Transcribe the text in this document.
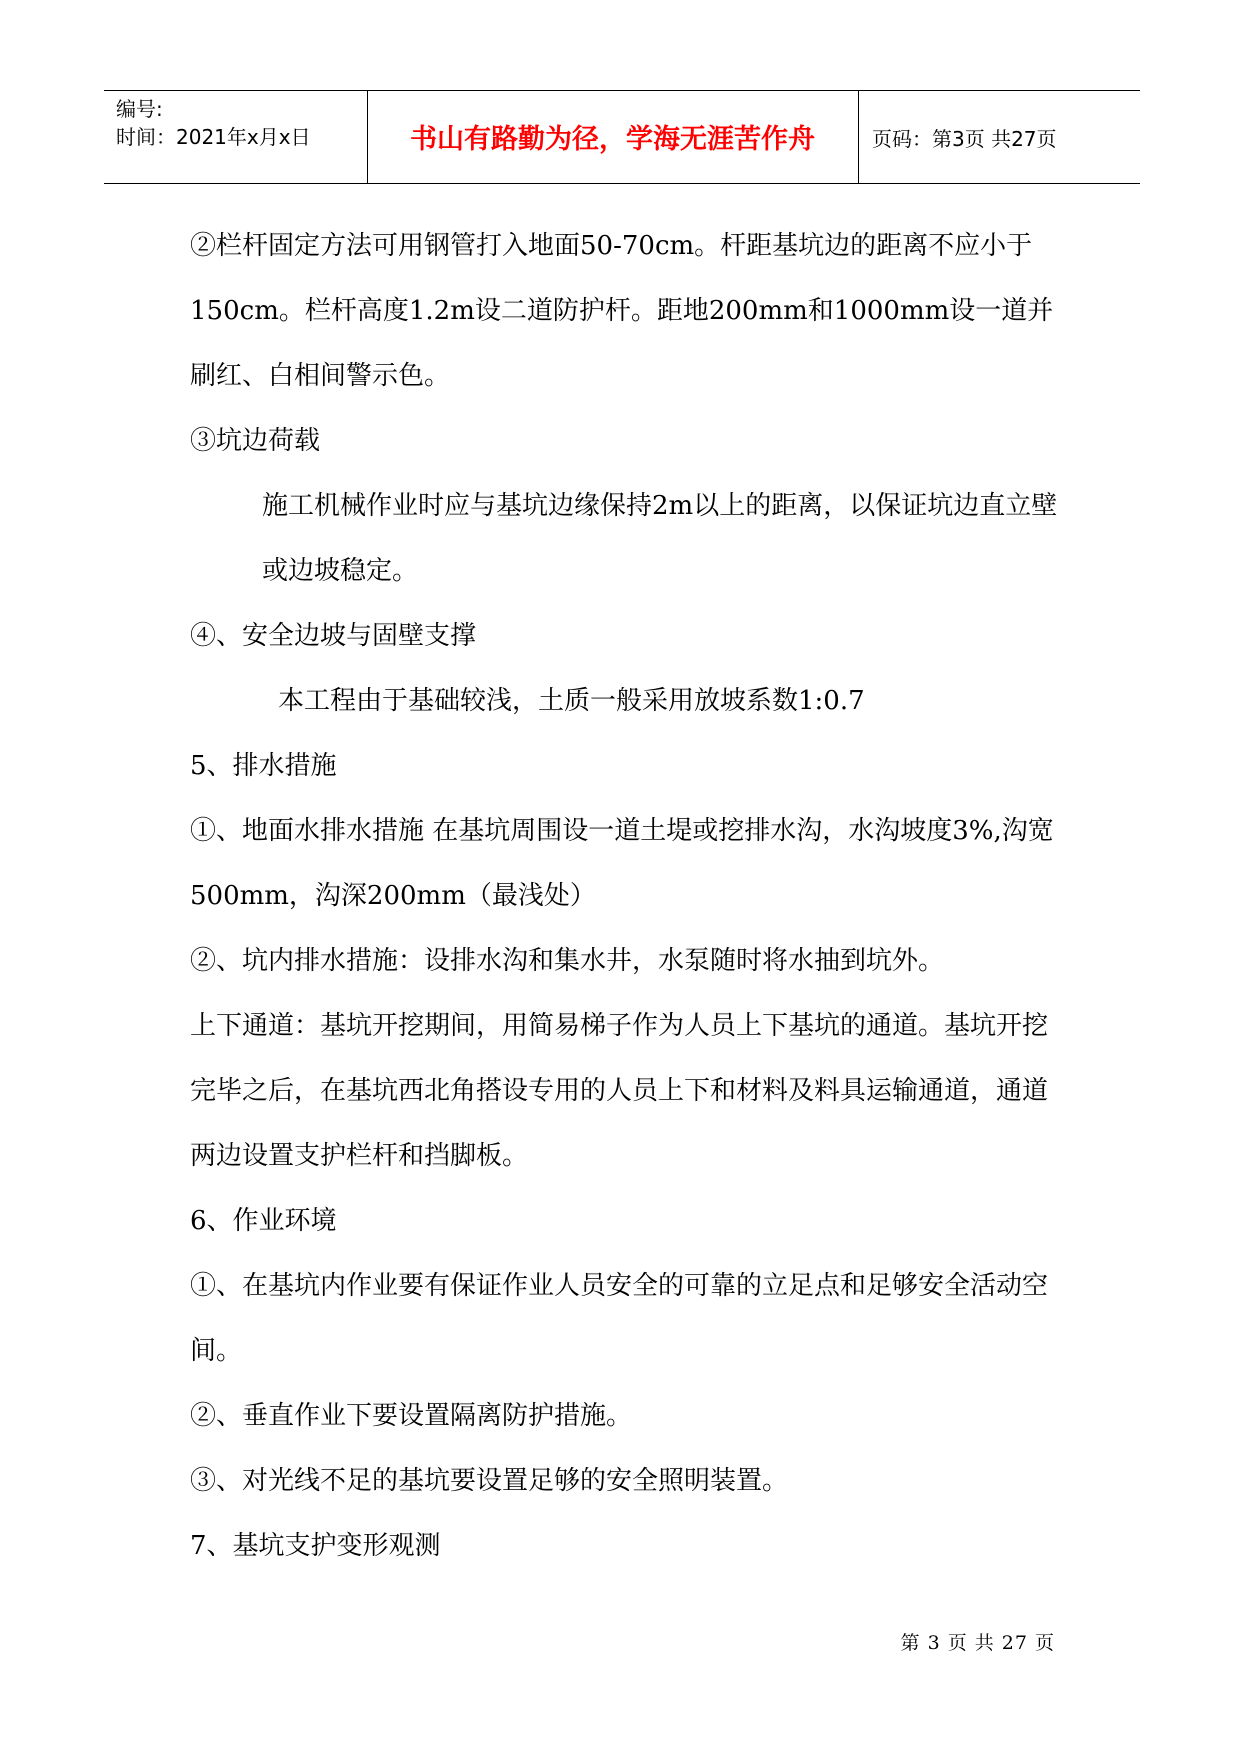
编号:
时间：2021年x月x日	书山有路勤为径，学海无涯苦作舟	页码：第3页 共27页

②栏杆固定方法可用钢管打入地面50-70cm。杆距基坑边的距离不应小于150cm。栏杆高度1.2m设二道防护杆。距地200mm和1000mm设一道并刷红、白相间警示色。

③坑边荷载

施工机械作业时应与基坑边缘保持2m以上的距离，以保证坑边直立壁或边坡稳定。

④、安全边坡与固壁支撑

本工程由于基础较浅，土质一般采用放坡系数1:0.7

5、排水措施

①、地面水排水措施 在基坑周围设一道土堤或挖排水沟，水沟坡度3%,沟宽500mm，沟深200mm（最浅处）

②、坑内排水措施：设排水沟和集水井，水泵随时将水抽到坑外。

上下通道：基坑开挖期间，用简易梯子作为人员上下基坑的通道。基坑开挖完毕之后，在基坑西北角搭设专用的人员上下和材料及料具运输通道，通道两边设置支护栏杆和挡脚板。

6、作业环境

①、在基坑内作业要有保证作业人员安全的可靠的立足点和足够安全活动空间。

②、垂直作业下要设置隔离防护措施。

③、对光线不足的基坑要设置足够的安全照明装置。

7、基坑支护变形观测

第 3 页 共 27 页
